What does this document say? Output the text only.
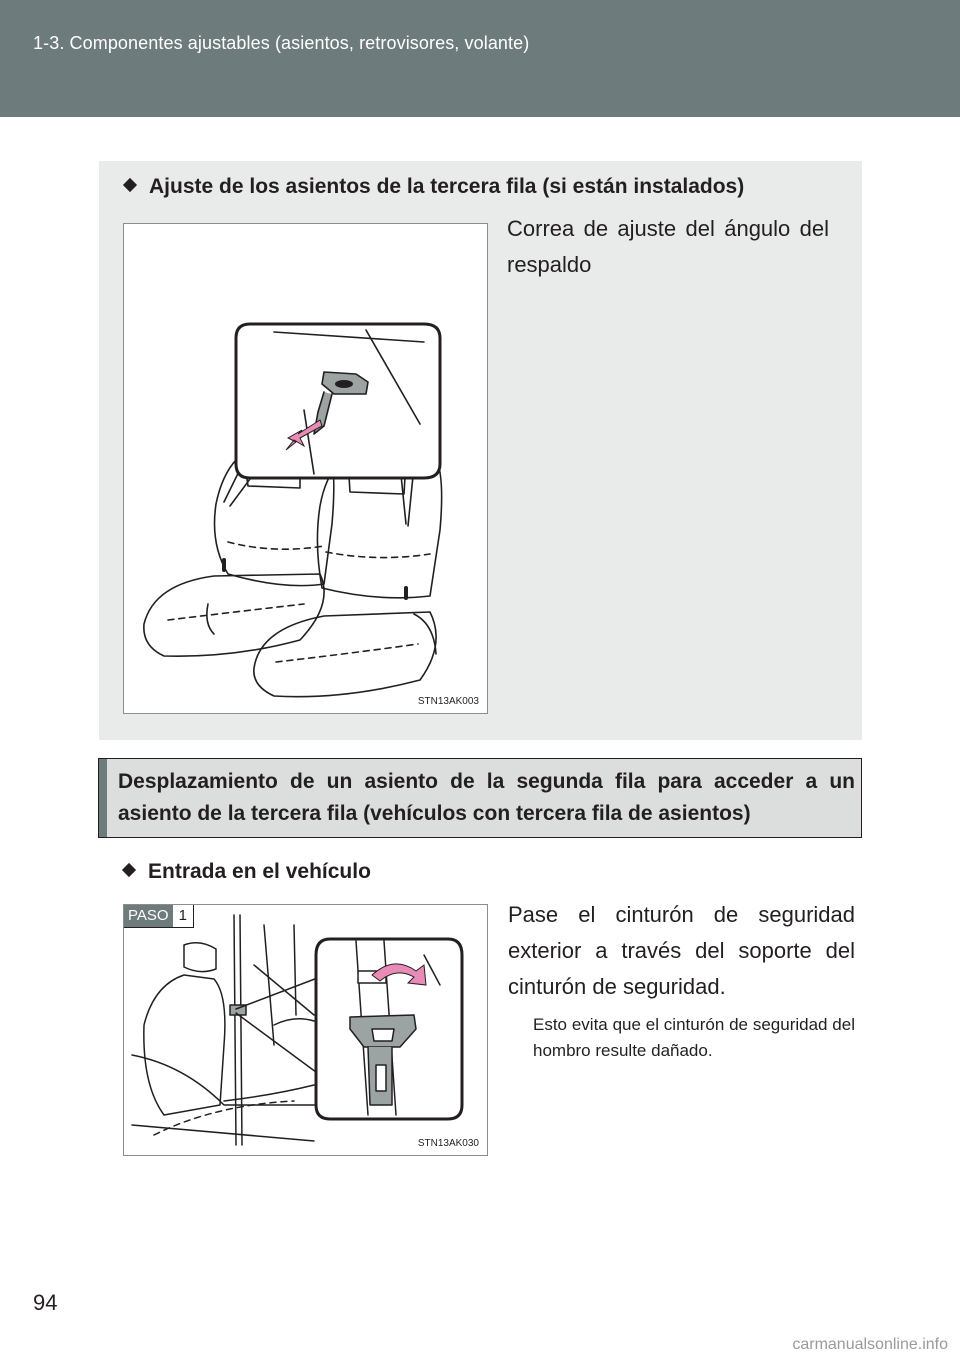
1-3. Componentes ajustables (asientos, retrovisores, volante)
Ajuste de los asientos de la tercera fila (si están instalados)
STN13AK003
Correa de ajuste del ángulo del respaldo
Desplazamiento de un asiento de la segunda fila para acceder a un asiento de la tercera fila (vehículos con tercera fila de asientos)
Entrada en el vehículo
PASO 1
STN13AK030
Pase el cinturón de seguridad exterior a través del soporte del cinturón de seguridad.
Esto evita que el cinturón de seguridad del hombro resulte dañado.
94
carmanualsonline.info
